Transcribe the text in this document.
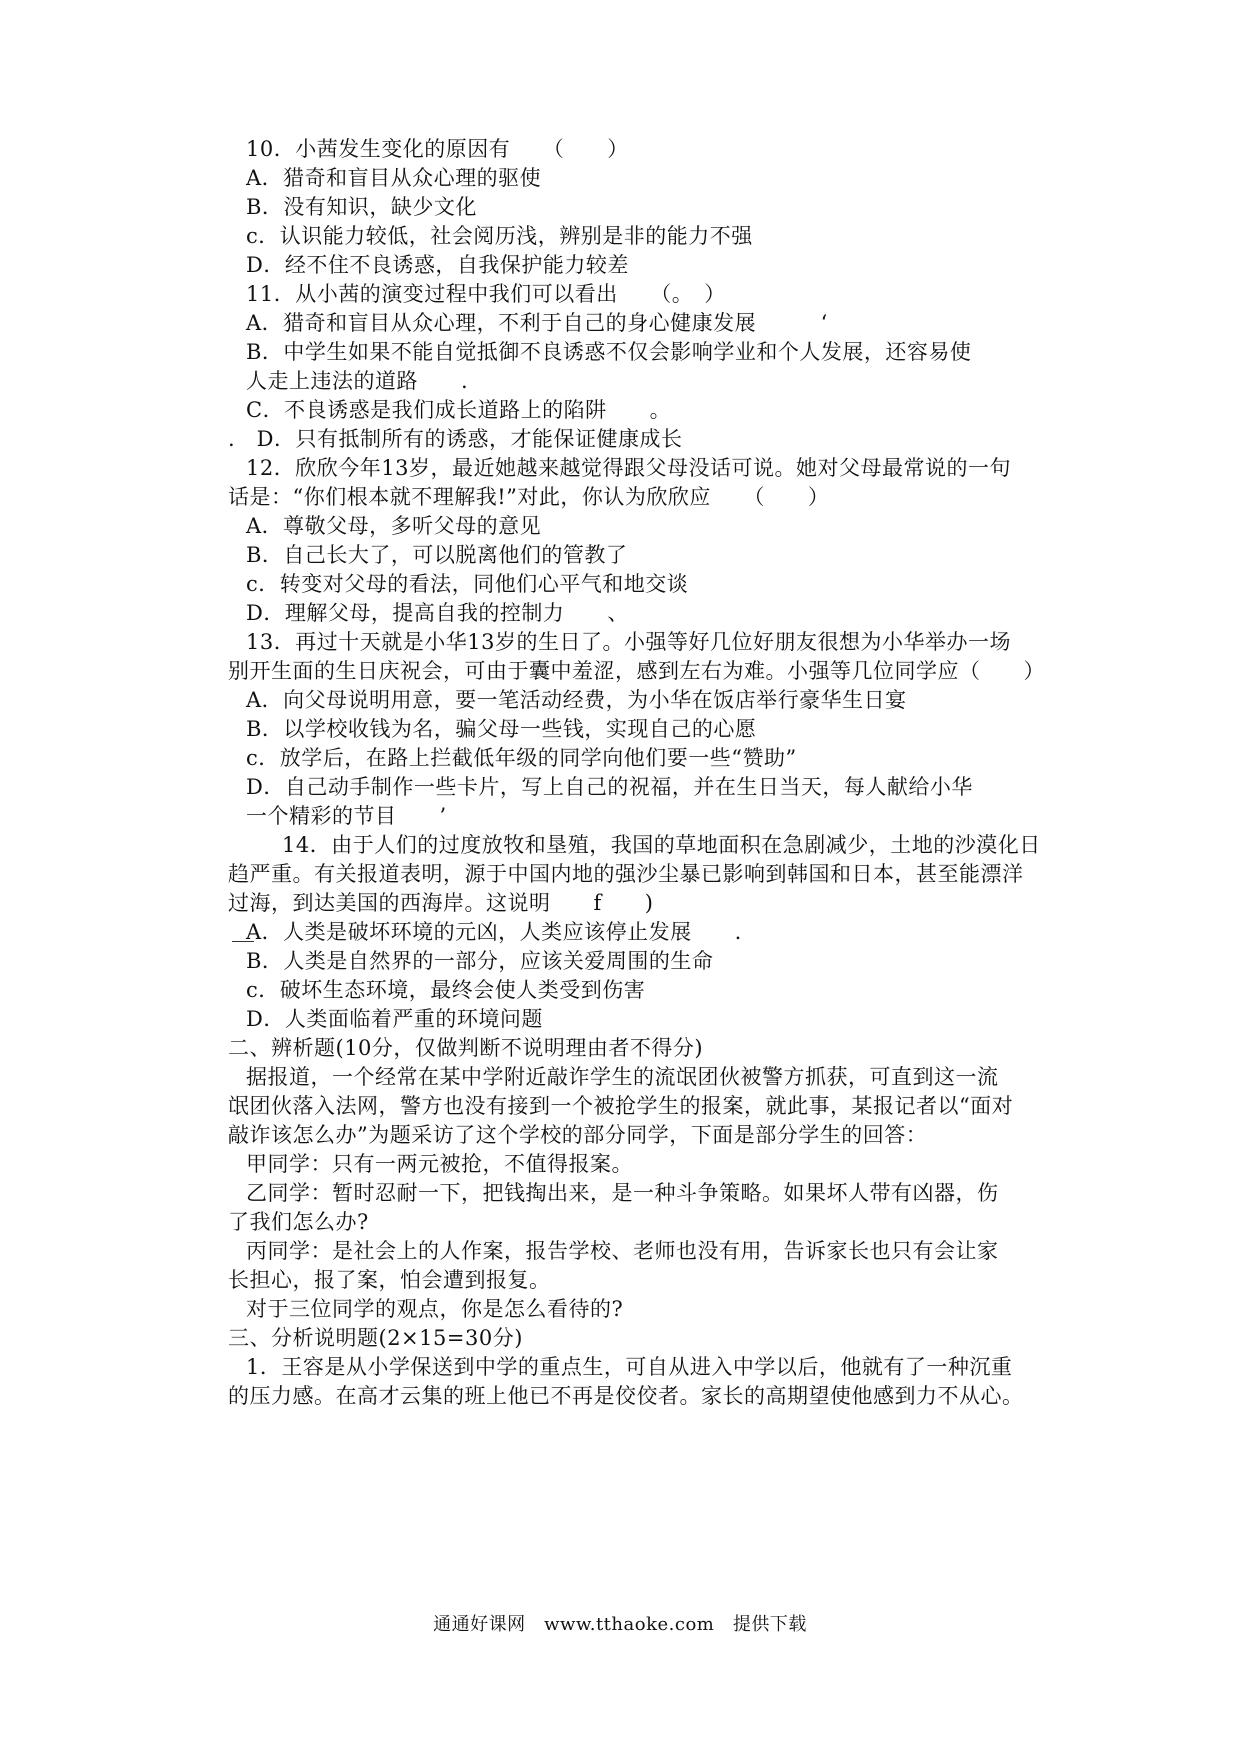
10．小茜发生变化的原因有　　（　　）
A．猎奇和盲目从众心理的驱使
B．没有知识，缺少文化
c．认识能力较低，社会阅历浅，辨别是非的能力不强
D．经不住不良诱惑，自我保护能力较差
11．从小茜的演变过程中我们可以看出　　（。　）
A．猎奇和盲目从众心理，不利于自己的身心健康发展　　　‘
B．中学生如果不能自觉抵御不良诱惑不仅会影响学业和个人发展，还容易使
人走上违法的道路　　.
C．不良诱惑是我们成长道路上的陷阱　　。
.　D．只有抵制所有的诱惑，才能保证健康成长
12．欣欣今年13岁，最近她越来越觉得跟父母没话可说。她对父母最常说的一句
话是：“你们根本就不理解我!”对此，你认为欣欣应　　（　　）
A．尊敬父母，多听父母的意见
B．自己长大了，可以脱离他们的管教了
c．转变对父母的看法，同他们心平气和地交谈
D．理解父母，提高自我的控制力　　、
13．再过十天就是小华13岁的生日了。小强等好几位好朋友很想为小华举办一场
别开生面的生日庆祝会，可由于囊中羞涩，感到左右为难。小强等几位同学应（　　）
A．向父母说明用意，要一笔活动经费，为小华在饭店举行豪华生日宴
B．以学校收钱为名，骗父母一些钱，实现自己的心愿
c．放学后，在路上拦截低年级的同学向他们要一些“赞助”
D．自己动手制作一些卡片，写上自己的祝福，并在生日当天，每人献给小华
一个精彩的节目　　’
14．由于人们的过度放牧和垦殖，我国的草地面积在急剧减少，土地的沙漠化日
趋严重。有关报道表明，源于中国内地的强沙尘暴已影响到韩国和日本，甚至能漂洋
过海，到达美国的西海岸。这说明　　f　　)
A．人类是破坏环境的元凶，人类应该停止发展　　.
B．人类是自然界的一部分，应该关爱周围的生命
c．破坏生态环境，最终会使人类受到伤害
D．人类面临着严重的环境问题
二、辨析题(10分，仅做判断不说明理由者不得分)
据报道，一个经常在某中学附近敲诈学生的流氓团伙被警方抓获，可直到这一流
氓团伙落入法网，警方也没有接到一个被抢学生的报案，就此事，某报记者以“面对
敲诈该怎么办”为题采访了这个学校的部分同学，下面是部分学生的回答：
甲同学：只有一两元被抢，不值得报案。
乙同学：暂时忍耐一下，把钱掏出来，是一种斗争策略。如果坏人带有凶器，伤
了我们怎么办?
丙同学：是社会上的人作案，报告学校、老师也没有用，告诉家长也只有会让家
长担心，报了案，怕会遭到报复。
对于三位同学的观点，你是怎么看待的?
三、分析说明题(2×15=30分)
1．王容是从小学保送到中学的重点生，可自从进入中学以后，他就有了一种沉重
的压力感。在高才云集的班上他已不再是佼佼者。家长的高期望使他感到力不从心。
通通好课网　www.tthaoke.com　提供下载
